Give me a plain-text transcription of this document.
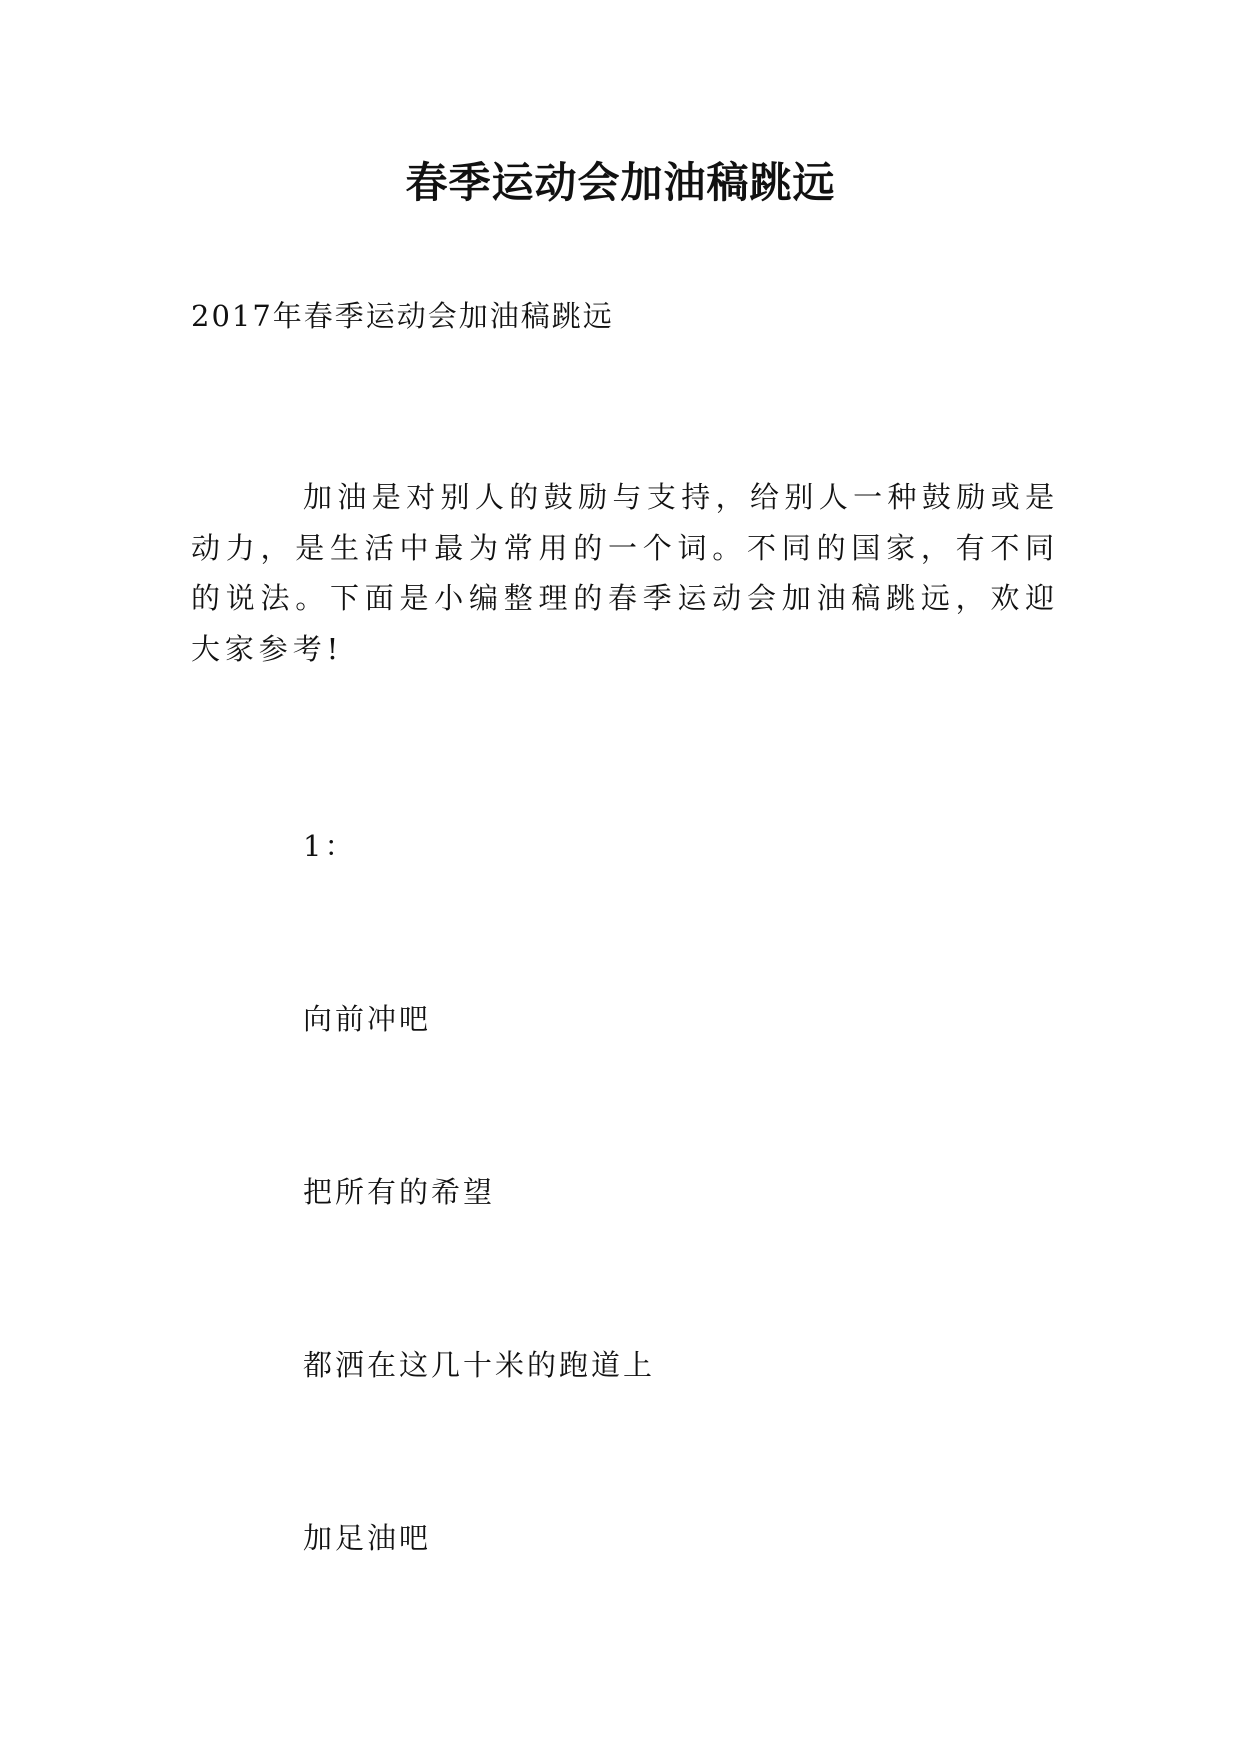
春季运动会加油稿跳远
2017年春季运动会加油稿跳远
加油是对别人的鼓励与支持，给别人一种鼓励或是动力，是生活中最为常用的一个词。不同的国家，有不同的说法。下面是小编整理的春季运动会加油稿跳远，欢迎大家参考!
1：
向前冲吧
把所有的希望
都洒在这几十米的跑道上
加足油吧
